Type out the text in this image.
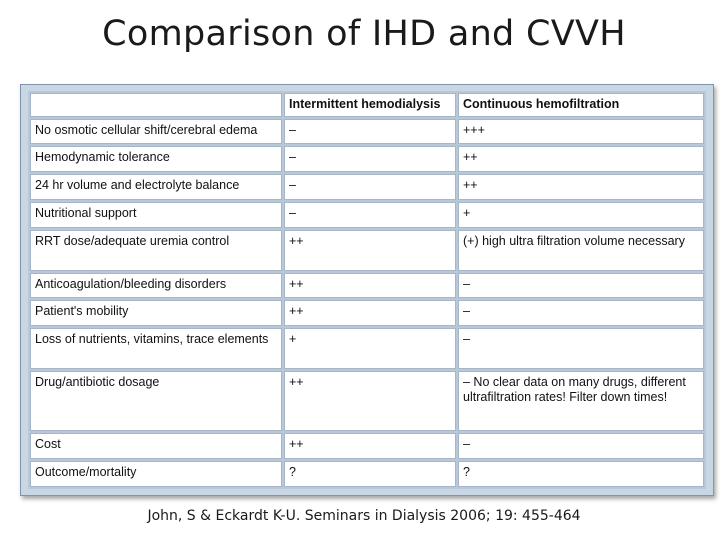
Comparison of IHD and CVVH
	Intermittent hemodialysis	Continuous hemofiltration
No osmotic cellular shift/cerebral edema	–	+++
Hemodynamic tolerance	–	++
24 hr volume and electrolyte balance	–	++
Nutritional support	–	+
RRT dose/adequate uremia control	++	(+) high ultra filtration volume necessary
Anticoagulation/bleeding disorders	++	–
Patient's mobility	++	–
Loss of nutrients, vitamins, trace elements	+	–
Drug/antibiotic dosage	++	– No clear data on many drugs, different ultrafiltration rates! Filter down times!
Cost	++	–
Outcome/mortality	?	?
John, S & Eckardt K-U. Seminars in Dialysis 2006; 19: 455-464
